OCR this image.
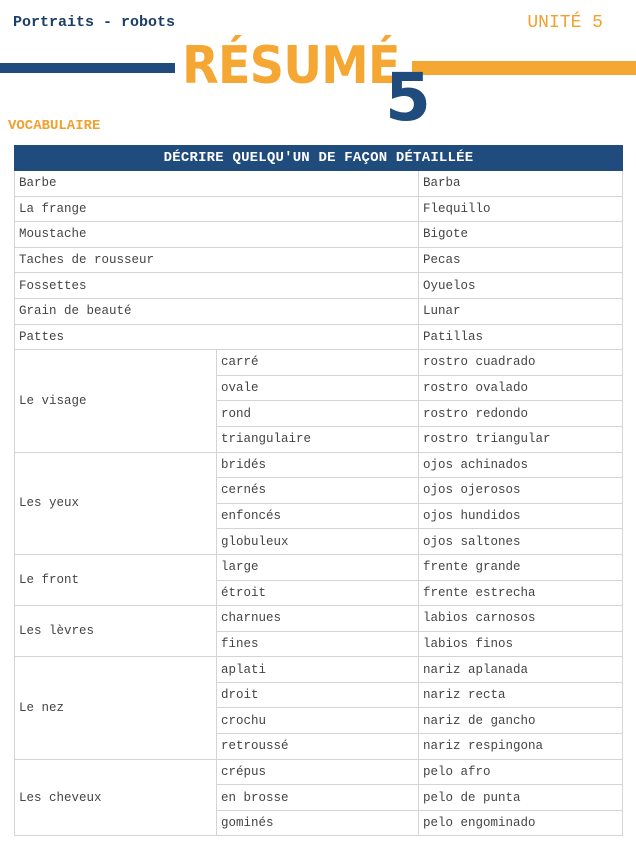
Portraits - robots	UNITÉ 5
RÉSUMÉ
5
VOCABULAIRE
DÉCRIRE QUELQU'UN DE FAÇON DÉTAILLÉE		
Barbe		Barba
La frange		Flequillo
Moustache		Bigote
Taches de rousseur		Pecas
Fossettes		Oyuelos
Grain de beauté		Lunar
Pattes		Patillas
Le visage	carré	rostro cuadrado
	ovale	rostro ovalado
	rond	rostro redondo
	triangulaire	rostro triangular
Les yeux	bridés	ojos achinados
	cernés	ojos ojerosos
	enfoncés	ojos hundidos
	globuleux	ojos saltones
Le front	large	frente grande
	étroit	frente estrecha
Les lèvres	charnues	labios carnosos
	fines	labios finos
Le nez	aplati	nariz aplanada
	droit	nariz recta
	crochu	nariz de gancho
	retroussé	nariz respingona
Les cheveux	crépus	pelo afro
	en brosse	pelo de punta
	gominés	pelo engominado
